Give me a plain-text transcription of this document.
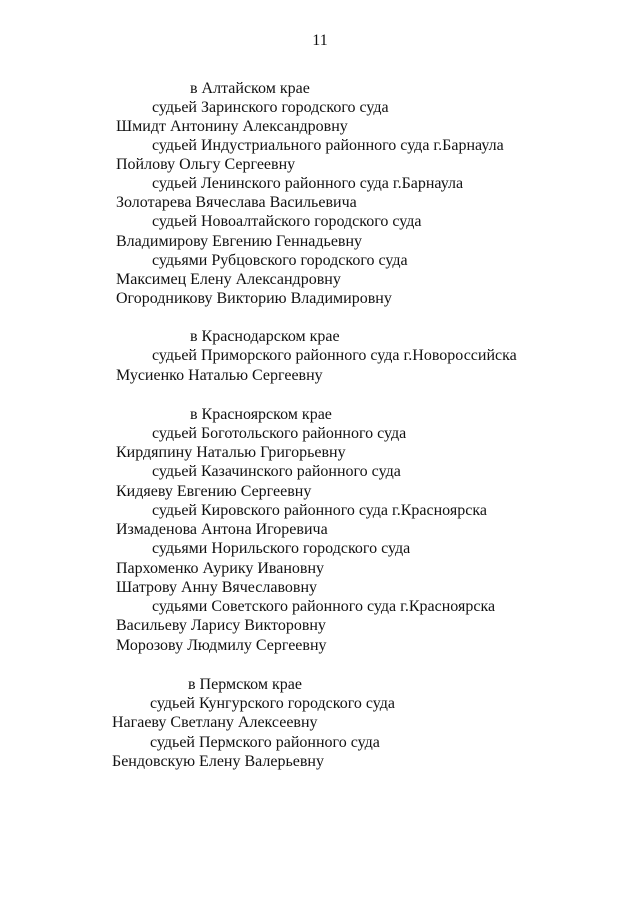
11
в Алтайском крае
судьей Заринского городского суда
Шмидт Антонину Александровну
судьей Индустриального районного суда г.Барнаула
Пойлову Ольгу Сергеевну
судьей Ленинского районного суда г.Барнаула
Золотарева Вячеслава Васильевича
судьей Новоалтайского городского суда
Владимирову Евгению Геннадьевну
судьями Рубцовского городского суда
Максимец Елену Александровну
Огородникову Викторию Владимировну
в Краснодарском крае
судьей Приморского районного суда г.Новороссийска
Мусиенко Наталью Сергеевну
в Красноярском крае
судьей Боготольского районного суда
Кирдяпину Наталью Григорьевну
судьей Казачинского районного суда
Кидяеву Евгению Сергеевну
судьей Кировского районного суда г.Красноярска
Измаденова Антона Игоревича
судьями Норильского городского суда
Пархоменко Аурику Ивановну
Шатрову Анну Вячеславовну
судьями Советского районного суда г.Красноярска
Васильеву Ларису Викторовну
Морозову Людмилу Сергеевну
в Пермском крае
судьей Кунгурского городского суда
Нагаеву Светлану Алексеевну
судьей Пермского районного суда
Бендовскую Елену Валерьевну
